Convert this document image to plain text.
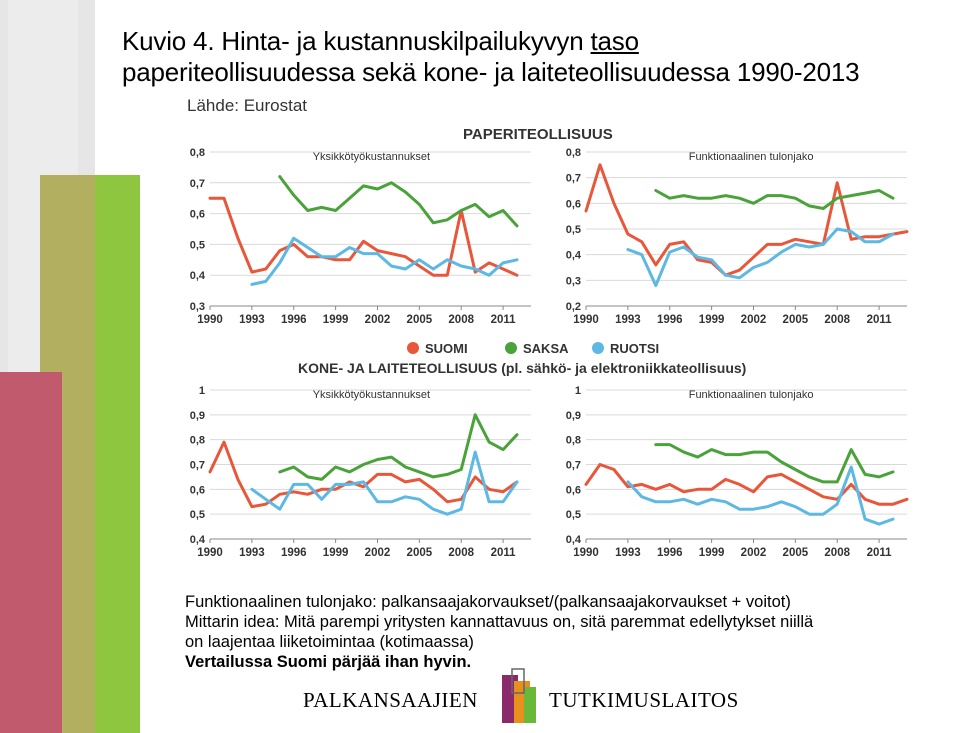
Kuvio 4. Hinta- ja kustannuskilpailukyvyn taso
paperiteollisuudessa sekä kone- ja laiteteollisuudessa 1990-2013
Lähde: Eurostat
PAPERITEOLLISUUS
KONE- JA LAITETEOLLISUUS (pl. sähkö- ja elektroniikkateollisuus)
SUOMI	SAKSA	RUOTSI
Yksikkötyökustannukset
0,3
0,4
0,5
0,6
0,7
0,8
1990 1993 1996 1999 2002 2005 2008 2011
Funktionaalinen tulonjako
0,2
0,3
0,4
0,5
0,6
0,7
0,8
1990 1993 1996 1999 2002 2005 2008 2011
Yksikkötyökustannukset
0,4
0,5
0,6
0,7
0,8
0,9
1
1990 1993 1996 1999 2002 2005 2008 2011
Funktionaalinen tulonjako
0,4
0,5
0,6
0,7
0,8
0,9
1
1990 1993 1996 1999 2002 2005 2008 2011
Funktionaalinen tulonjako: palkansaajakorvaukset/(palkansaajakorvaukset + voitot)
Mittarin idea: Mitä parempi yritysten kannattavuus on, sitä paremmat edellytykset niillä
on laajentaa liiketoimintaa (kotimaassa)
Vertailussa Suomi pärjää ihan hyvin.
PALKANSAAJIEN	TUTKIMUSLAITOS
